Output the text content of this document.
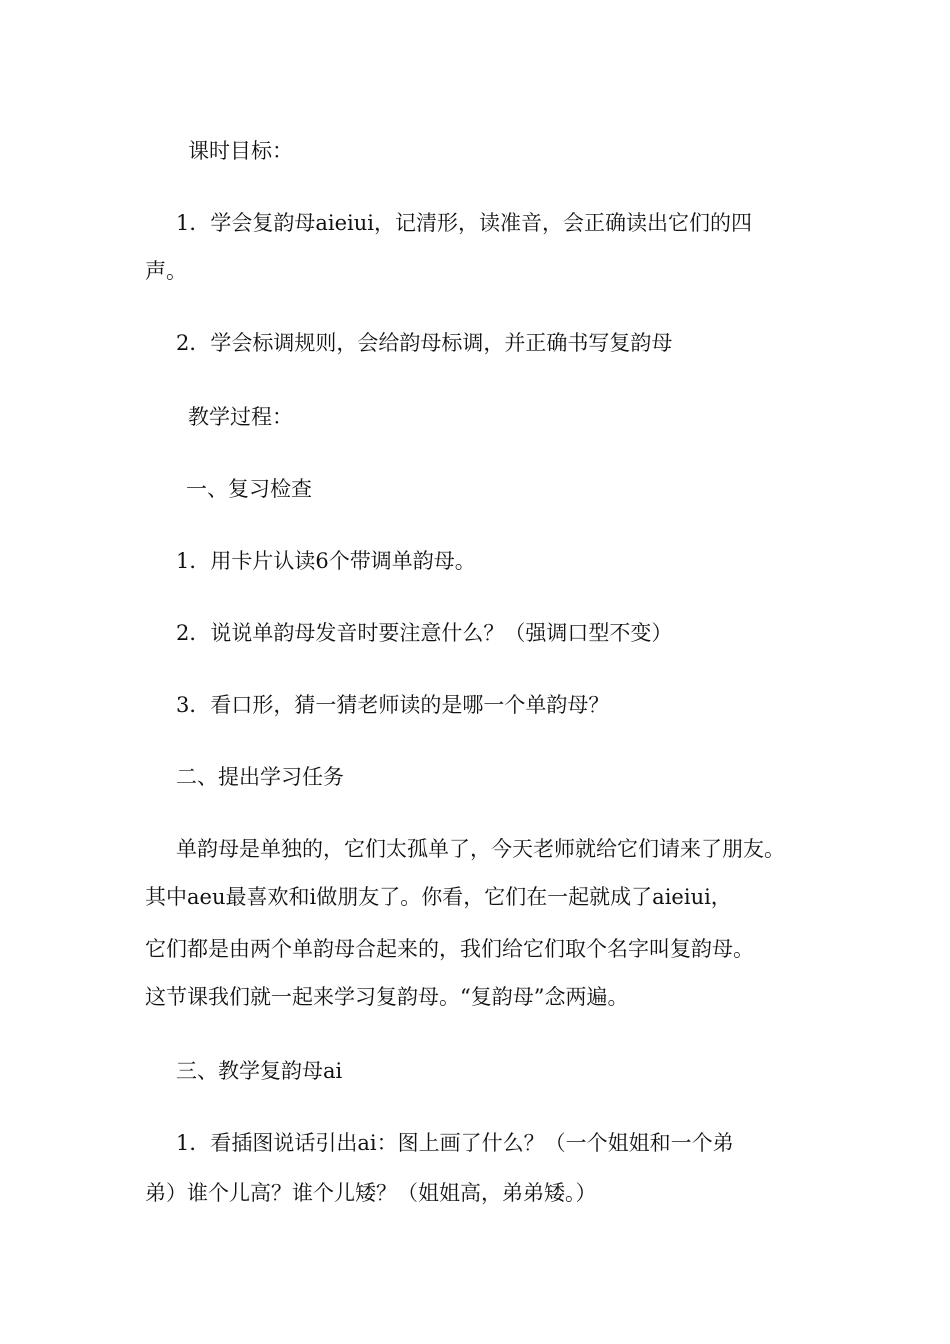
课时目标：

1．学会复韵母aieiui，记清形，读准音，会正确读出它们的四

声。

2．学会标调规则，会给韵母标调，并正确书写复韵母

教学过程：

一、复习检查

1．用卡片认读6个带调单韵母。

2．说说单韵母发音时要注意什么？（强调口型不变）

3．看口形，猜一猜老师读的是哪一个单韵母？

二、提出学习任务

单韵母是单独的，它们太孤单了，今天老师就给它们请来了朋友。

其中aeu最喜欢和i做朋友了。你看，它们在一起就成了aieiui，

它们都是由两个单韵母合起来的，我们给它们取个名字叫复韵母。

这节课我们就一起来学习复韵母。“复韵母”念两遍。

三、教学复韵母ai

1．看插图说话引出ai：图上画了什么？（一个姐姐和一个弟

弟）谁个儿高？谁个儿矮？（姐姐高，弟弟矮。）
